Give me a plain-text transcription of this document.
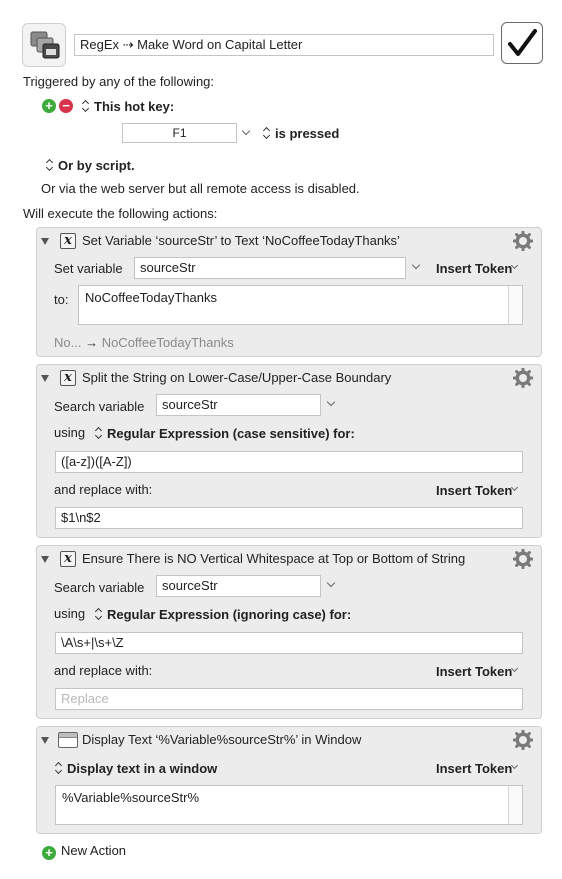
RegEx ⇢ Make Word on Capital Letter
Triggered by any of the following:
+ −	This hot key:
F1	is pressed
Or by script.
Or via the web server but all remote access is disabled.
Will execute the following actions:
x Set Variable ‘sourceStr’ to Text ‘NoCoffeeTodayThanks’
Set variable	sourceStr	Insert Token
to: NoCoffeeTodayThanks
No... → NoCoffeeTodayThanks
x Split the String on Lower-Case/Upper-Case Boundary
Search variable	sourceStr
using	Regular Expression (case sensitive) for:
([a-z])([A-Z])
and replace with:	Insert Token
$1\n$2
x Ensure There is NO Vertical Whitespace at Top or Bottom of String
Search variable	sourceStr
using	Regular Expression (ignoring case) for:
\A\s+|\s+\Z
and replace with:	Insert Token
Replace
Display Text ‘%Variable%sourceStr%’ in Window
Display text in a window	Insert Token
%Variable%sourceStr%
+ New Action
